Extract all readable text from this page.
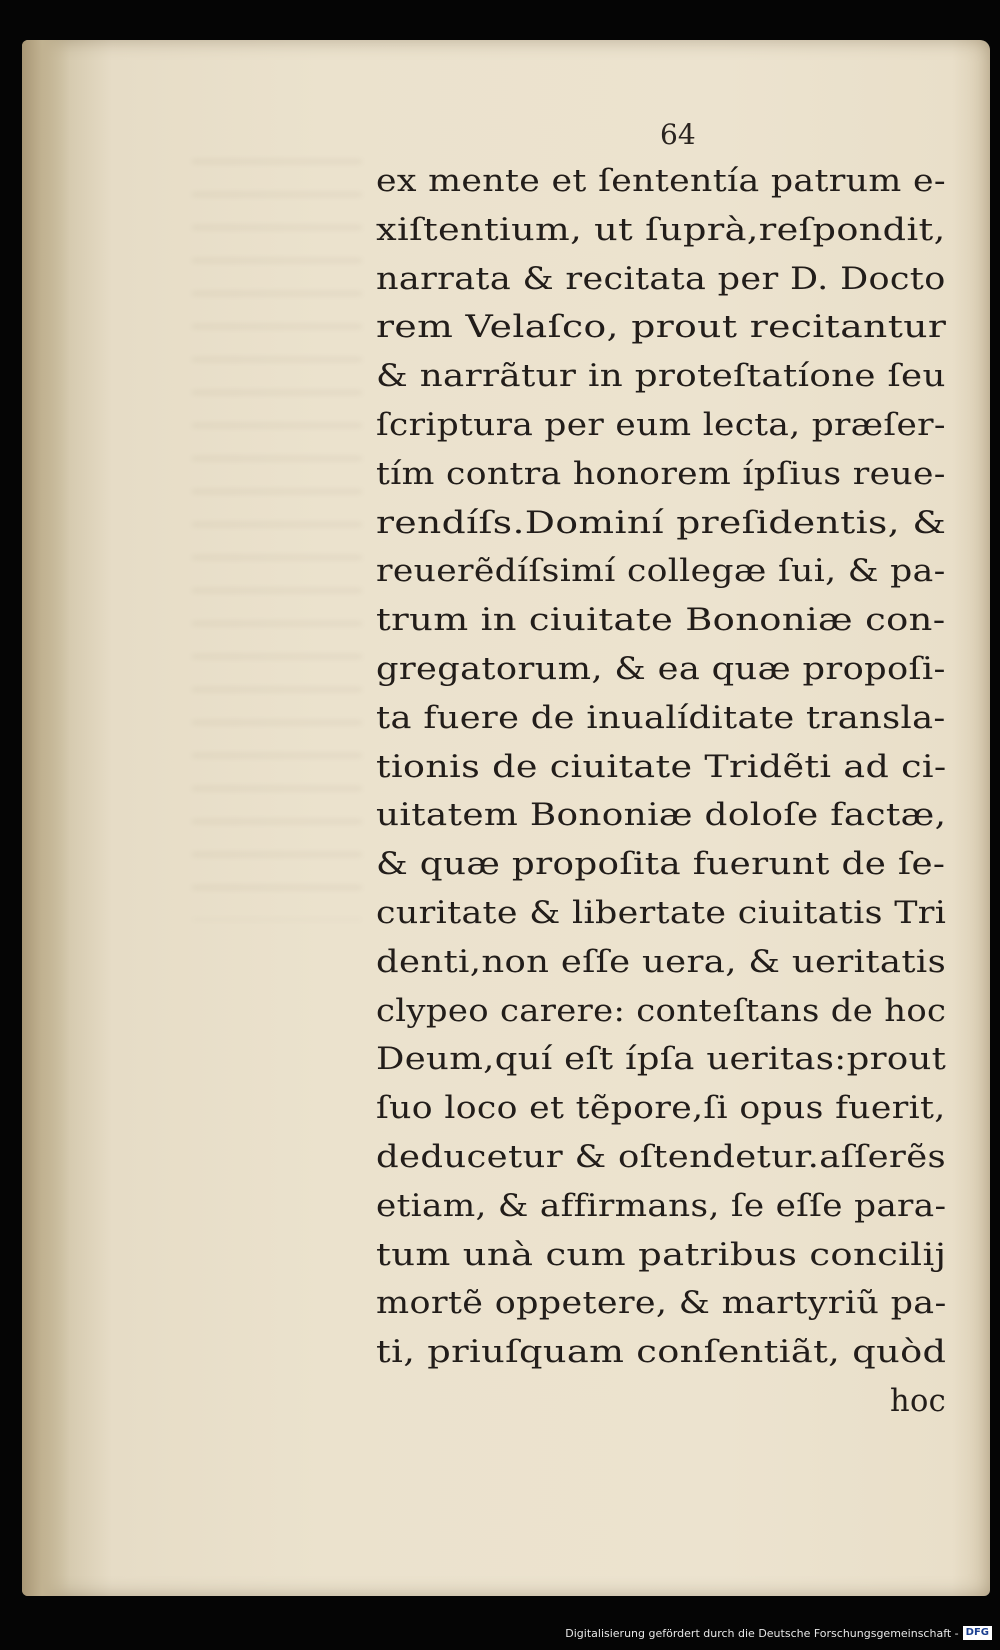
64
ex mente et ſententía patrum e-
xiſtentium, ut ſuprà,reſpondit,
narrata & recitata per D. Docto
rem Velaſco, prout recitantur
& narrãtur in proteſtatíone ſeu
ſcriptura per eum lecta, præſer-
tím contra honorem ípſius reue-
rendíſs.Dominí preſidentis, &
reuerẽdíſsimí collegæ ſui, & pa-
trum in ciuitate Bononiæ con-
gregatorum, & ea quæ propoſi-
ta fuere de inualíditate transla-
tionis de ciuitate Tridẽti ad ci-
uitatem Bononiæ doloſe factæ,
& quæ propoſita fuerunt de ſe-
curitate & libertate ciuitatis Tri
denti,non eſſe uera, & ueritatis
clypeo carere: conteſtans de hoc
Deum,quí eſt ípſa ueritas:prout
ſuo loco et tẽpore,ſi opus fuerit,
deducetur & oſtendetur.aſſerẽs
etiam, & affirmans, ſe eſſe para-
tum unà cum patribus concilij
mortẽ oppetere, & martyriũ pa-
ti, priuſquam conſentiãt, quòd
hoc
Digitalisierung gefördert durch die Deutsche Forschungsgemeinschaft - DFG
